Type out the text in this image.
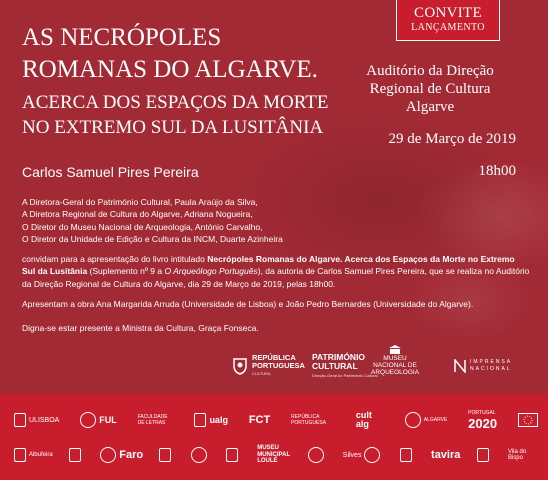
CONVITE
LANÇAMENTO
AS NECRÓPOLES
ROMANAS DO ALGARVE.
ACERCA DOS ESPAÇOS DA MORTE
NO EXTREMO SUL DA LUSITÂNIA
Auditório da Direção
Regional de Cultura
Algarve
29 de Março de 2019
Carlos Samuel Pires Pereira	18h00
A Diretora-Geral do Património Cultural, Paula Araújo da Silva,
A Diretora Regional de Cultura do Algarve, Adriana Nogueira,
O Diretor do Museu Nacional de Arqueologia, António Carvalho,
O Diretor da Unidade de Edição e Cultura da INCM, Duarte Azinheira
convidam para a apresentação do livro intitulado Necrópoles Romanas do Algarve. Acerca dos Espaços da Morte no Extremo Sul da Lusitânia (Suplemento nº 9 a O Arqueólogo Português), da autoria de Carlos Samuel Pires Pereira, que se realiza no Auditório da Direção Regional de Cultura do Algarve, dia 29 de Março de 2019, pelas 18h00.
Apresentam a obra Ana Margarida Arruda (Universidade de Lisboa) e João Pedro Bernardes (Universidade do Algarve).
Digna-se estar presente a Ministra da Cultura, Graça Fonseca.
REPÚBLICA
PORTUGUESA
CULTURA
PATRIMÓNIO
CULTURAL
Direção-Geral do Património Cultural
MUSEU
NACIONAL DE
ARQUEOLOGIA
IMPRENSA
NACIONAL
ULISBOA	FUL	FACULDADE DE LETRAS	ualg FCT	REPÚBLICA PORTUGUESA
cult alg	ALGARVE
PORTUGAL
2020
Albufeira	Faro
MUSEU MUNICIPAL LOULÉ
Silves	tavira	Vila do Bispo
